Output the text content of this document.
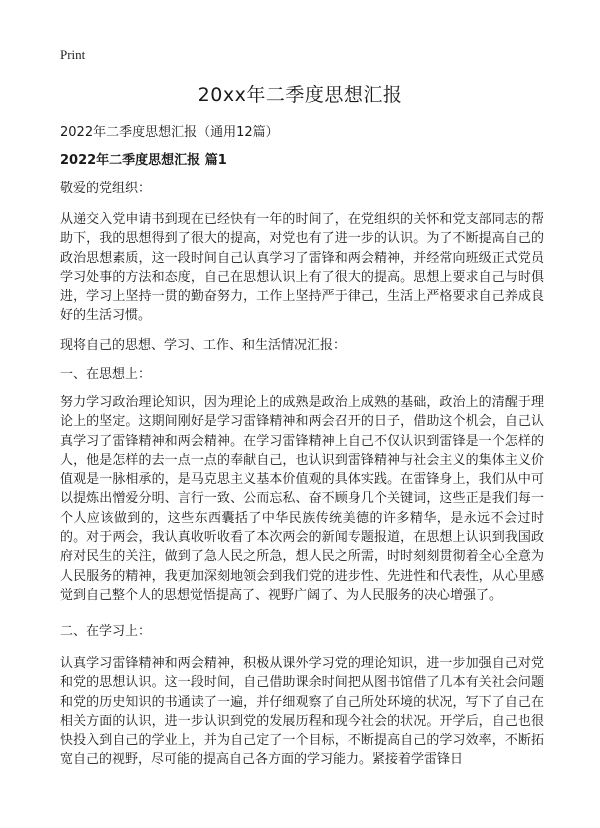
Print
20xx年二季度思想汇报

2022年二季度思想汇报（通用12篇）

2022年二季度思想汇报 篇1

敬爱的党组织：

从递交入党申请书到现在已经快有一年的时间了，在党组织的关怀和党支部同志的帮助下，我的思想得到了很大的提高，对党也有了进一步的认识。为了不断提高自己的政治思想素质，这一段时间自己认真学习了雷锋和两会精神，并经常向班级正式党员学习处事的方法和态度，自己在思想认识上有了很大的提高。思想上要求自己与时俱进，学习上坚持一贯的勤奋努力，工作上坚持严于律己，生活上严格要求自己养成良好的生活习惯。

现将自己的思想、学习、工作、和生活情况汇报：

一、在思想上：

努力学习政治理论知识，因为理论上的成熟是政治上成熟的基础，政治上的清醒于理论上的坚定。这期间刚好是学习雷锋精神和两会召开的日子，借助这个机会，自己认真学习了雷锋精神和两会精神。在学习雷锋精神上自己不仅认识到雷锋是一个怎样的人，他是怎样的去一点一点的奉献自己，也认识到雷锋精神与社会主义的集体主义价值观是一脉相承的，是马克思主义基本价值观的具体实践。在雷锋身上，我们从中可以提炼出憎爱分明、言行一致、公而忘私、奋不顾身几个关键词，这些正是我们每一个人应该做到的，这些东西囊括了中华民族传统美德的许多精华，是永远不会过时的。对于两会，我认真收听收看了本次两会的新闻专题报道，在思想上认识到我国政府对民生的关注，做到了急人民之所急，想人民之所需，时时刻刻贯彻着全心全意为人民服务的精神，我更加深刻地领会到我们党的进步性、先进性和代表性，从心里感觉到自己整个人的思想觉悟提高了、视野广阔了、为人民服务的决心增强了。

二、在学习上：

认真学习雷锋精神和两会精神，积极从课外学习党的理论知识，进一步加强自己对党和党的思想认识。这一段时间，自己借助课余时间把从图书馆借了几本有关社会问题和党的历史知识的书通读了一遍，并仔细观察了自己所处环境的状况，写下了自己在相关方面的认识，进一步认识到党的发展历程和现今社会的状况。开学后，自己也很快投入到自己的学业上，并为自己定了一个目标，不断提高自己的学习效率，不断拓宽自己的视野，尽可能的提高自己各方面的学习能力。紧接着学雷锋日
